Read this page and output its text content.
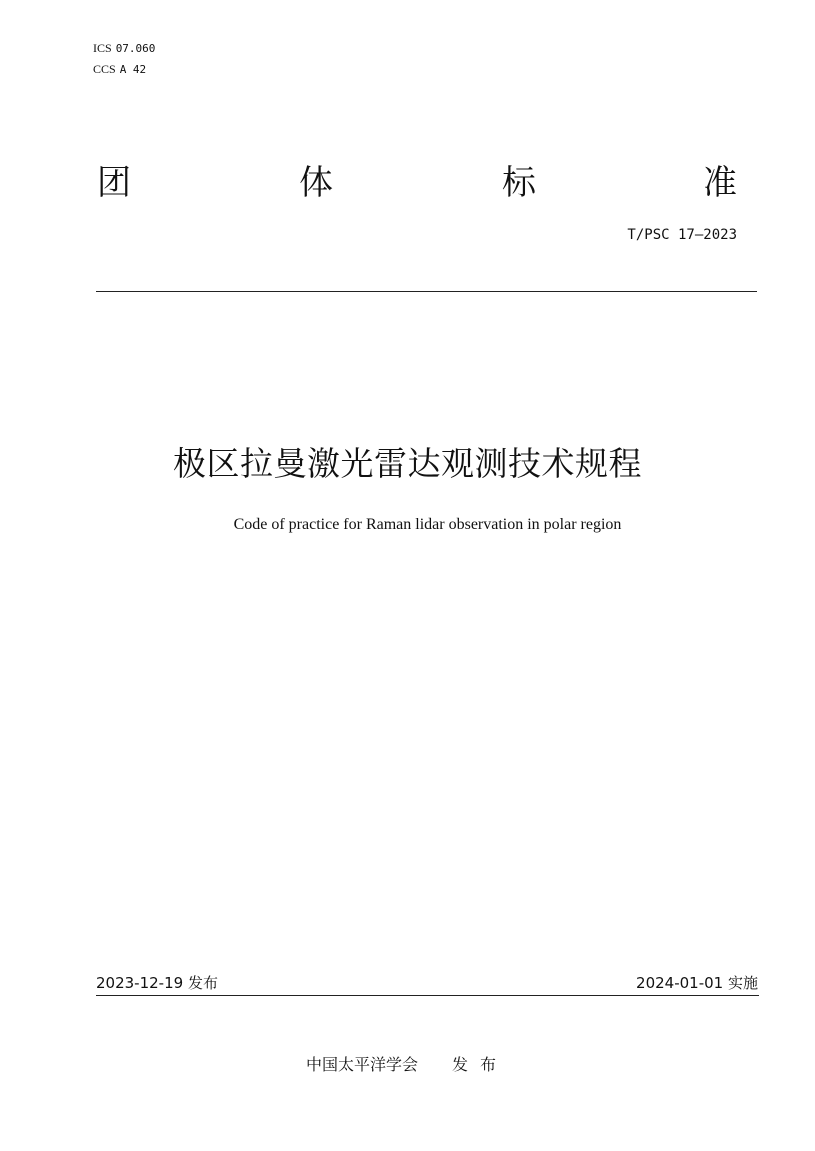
ICS 07.060
CCS A 42
团	体	标	准
T/PSC 17—2023
极区拉曼激光雷达观测技术规程
Code of practice for Raman lidar observation in polar region
2023-12-19 发布	2024-01-01 实施
中国太平洋学会 发布
